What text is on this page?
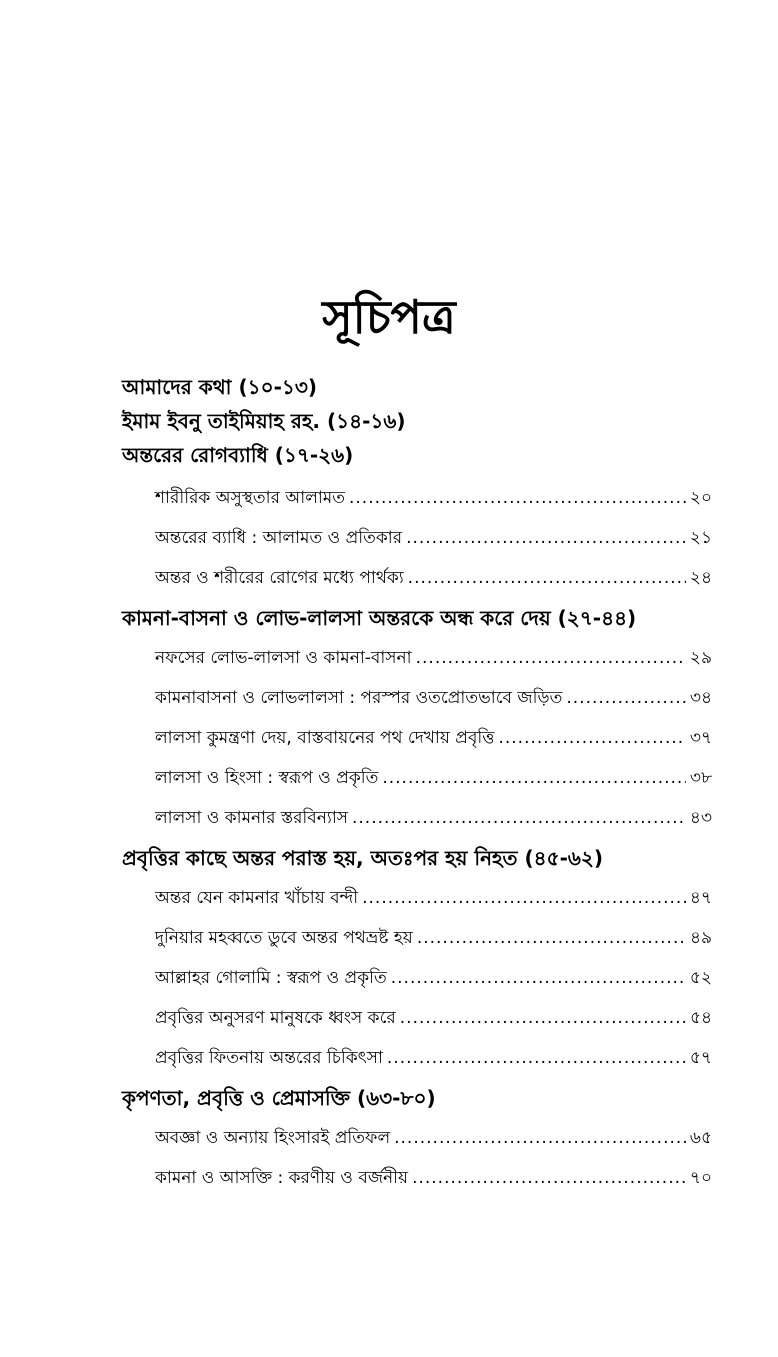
সূচিপত্র
আমাদের কথা (১০-১৩)
ইমাম ইবনু তাইমিয়াহ রহ. (১৪-১৬)
অন্তরের রোগব্যাধি (১৭-২৬)
শারীরিক অসুস্থতার আলামত .....	২০
অন্তরের ব্যাধি : আলামত ও প্রতিকার .....	২১
অন্তর ও শরীরের রোগের মধ্যে পার্থক্য .....	২৪
কামনা-বাসনা ও লোভ-লালসা অন্তরকে অন্ধ করে দেয় (২৭-৪৪)
নফসের লোভ-লালসা ও কামনা-বাসনা .....	২৯
কামনাবাসনা ও লোভলালসা : পরস্পর ওতপ্রোতভাবে জড়িত .....	৩৪
লালসা কুমন্ত্রণা দেয়, বাস্তবায়নের পথ দেখায় প্রবৃত্তি .....	৩৭
লালসা ও হিংসা : স্বরূপ ও প্রকৃতি .....	৩৮
লালসা ও কামনার স্তরবিন্যাস .....	৪৩
প্রবৃত্তির কাছে অন্তর পরাস্ত হয়, অতঃপর হয় নিহত (৪৫-৬২)
অন্তর যেন কামনার খাঁচায় বন্দী .....	৪৭
দুনিয়ার মহব্বতে ডুবে অন্তর পথভ্রষ্ট হয় .....	৪৯
আল্লাহর গোলামি : স্বরূপ ও প্রকৃতি .....	৫২
প্রবৃত্তির অনুসরণ মানুষকে ধ্বংস করে .....	৫৪
প্রবৃত্তির ফিতনায় অন্তরের চিকিৎসা .....	৫৭
কৃপণতা, প্রবৃত্তি ও প্রেমাসক্তি (৬৩-৮০)
অবজ্ঞা ও অন্যায় হিংসারই প্রতিফল .....	৬৫
কামনা ও আসক্তি : করণীয় ও বর্জনীয় .....	৭০
